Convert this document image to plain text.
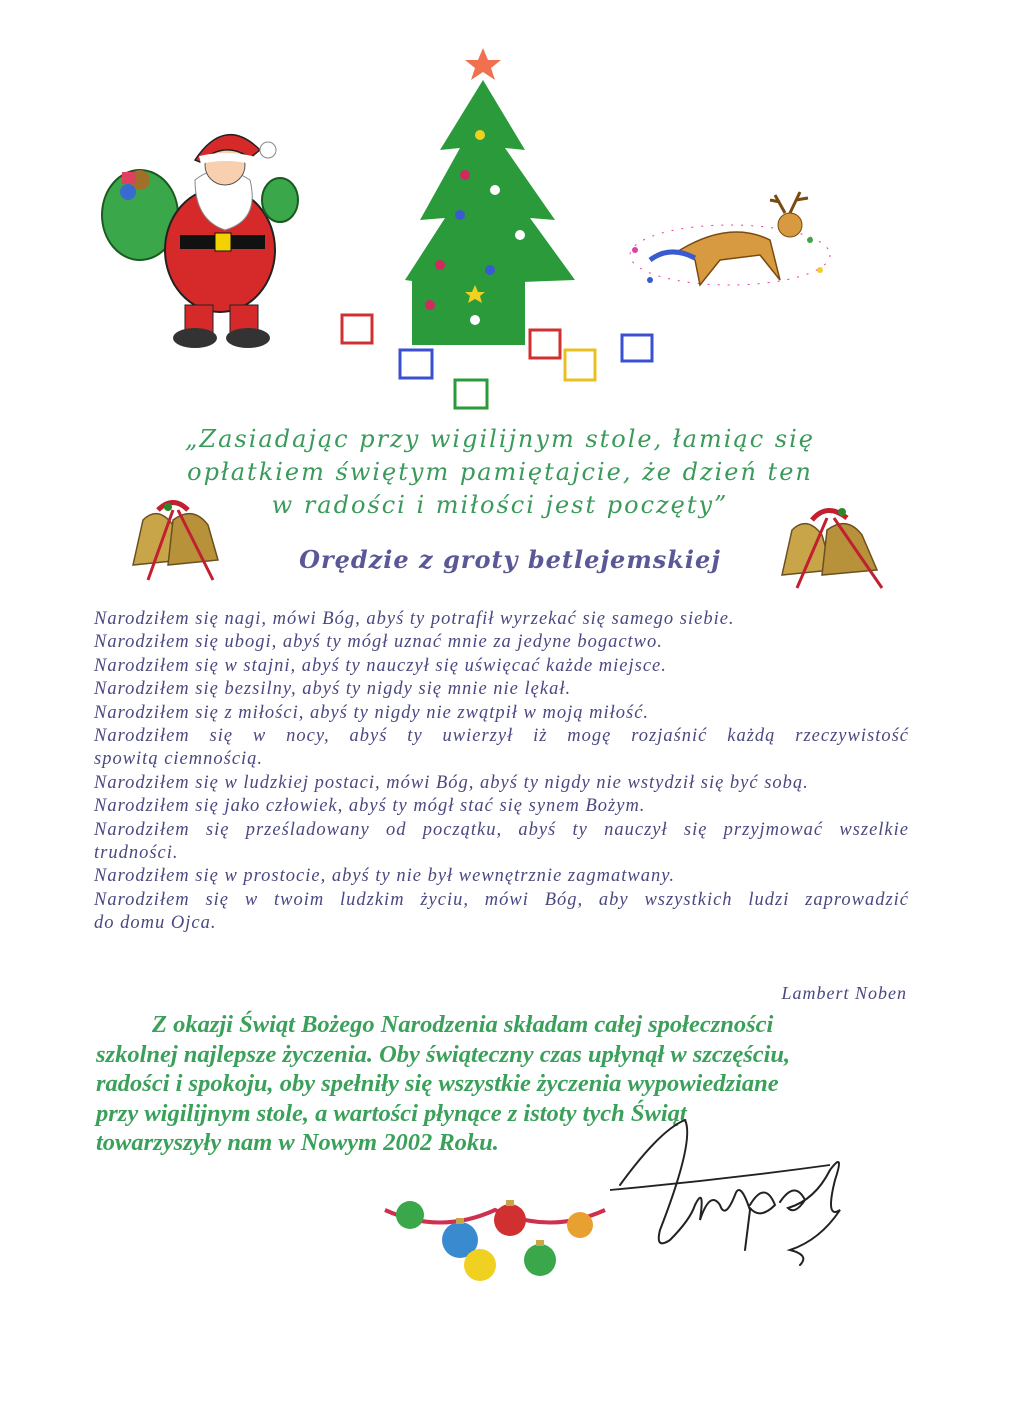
„Zasiadając przy wigilijnym stole, łamiąc się
opłatkiem świętym pamiętajcie, że dzień ten
w radości i miłości jest poczęty”
Orędzie z groty betlejemskiej
Narodziłem się nagi, mówi Bóg, abyś ty potrafił wyrzekać się samego siebie.
Narodziłem się ubogi, abyś ty mógł uznać mnie za jedyne bogactwo.
Narodziłem się w stajni, abyś ty nauczył się uświęcać każde miejsce.
Narodziłem się bezsilny, abyś ty nigdy się mnie nie lękał.
Narodziłem się z miłości, abyś ty nigdy nie zwątpił w moją miłość.
Narodziłem się w nocy, abyś ty uwierzył iż mogę rozjaśnić każdą rzeczywistość
spowitą ciemnością.
Narodziłem się w ludzkiej postaci, mówi Bóg, abyś ty nigdy nie wstydził się być sobą.
Narodziłem się jako człowiek, abyś ty mógł stać się synem Bożym.
Narodziłem się prześladowany od początku, abyś ty nauczył się przyjmować wszelkie
trudności.
Narodziłem się w prostocie, abyś ty nie był wewnętrznie zagmatwany.
Narodziłem się w twoim ludzkim życiu, mówi Bóg, aby wszystkich ludzi zaprowadzić
do domu Ojca.
Lambert Noben
Z okazji Świąt Bożego Narodzenia składam całej społeczności
szkolnej najlepsze życzenia. Oby świąteczny czas upłynął w szczęściu,
radości i spokoju, oby spełniły się wszystkie życzenia wypowiedziane
przy wigilijnym stole, a wartości płynące z istoty tych Świąt
towarzyszyły nam w Nowym 2002 Roku.
